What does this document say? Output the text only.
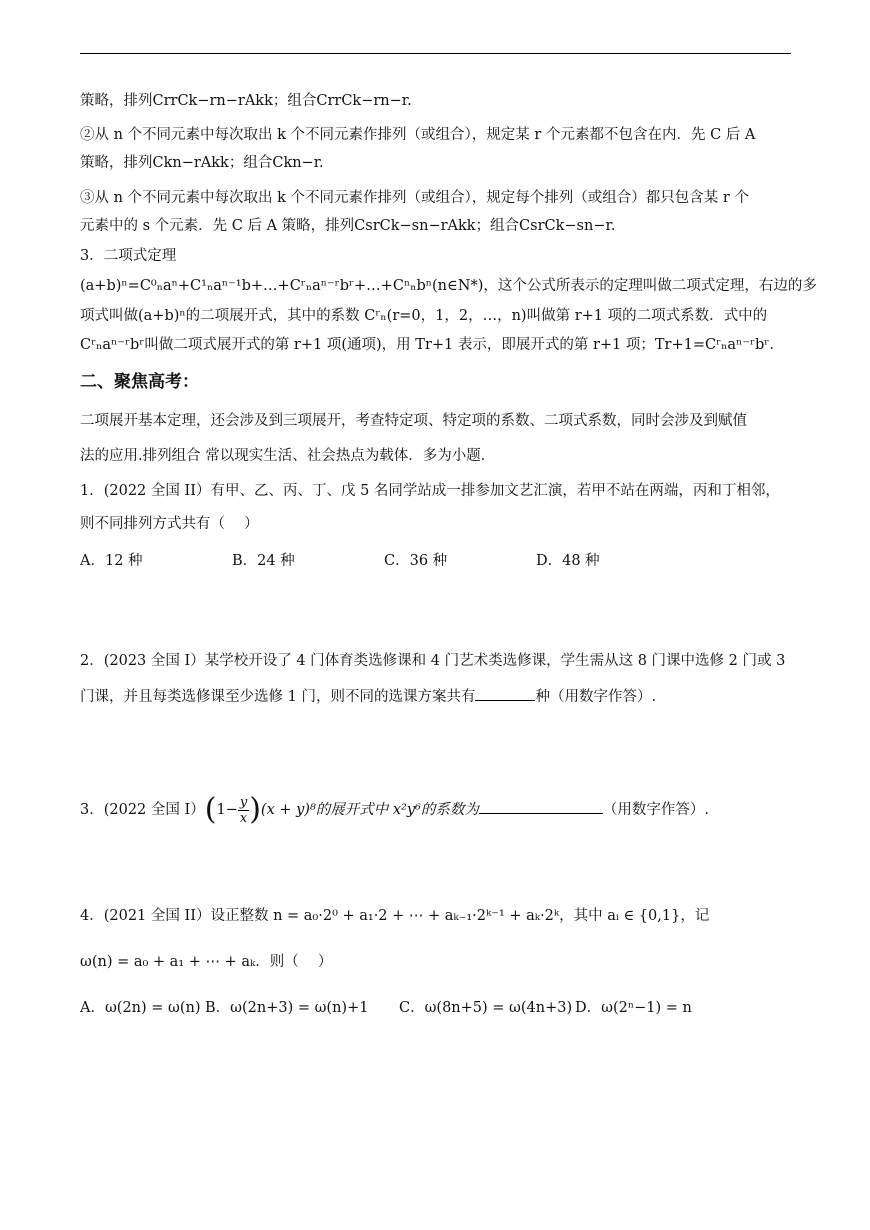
策略，排列CrrCk−rn−rAkk；组合CrrCk−rn−r.
②从 n 个不同元素中每次取出 k 个不同元素作排列（或组合），规定某 r 个元素都不包含在内．先 C 后 A
策略，排列Ckn−rAkk；组合Ckn−r.
③从 n 个不同元素中每次取出 k 个不同元素作排列（或组合），规定每个排列（或组合）都只包含某 r 个
元素中的 s 个元素．先 C 后 A 策略，排列CsrCk−sn−rAkk；组合CsrCk−sn−r.
3．二项式定理
(a+b)ⁿ=C⁰ₙaⁿ+C¹ₙaⁿ⁻¹b+…+Cʳₙaⁿ⁻ʳbʳ+…+Cⁿₙbⁿ(n∈N*)，这个公式所表示的定理叫做二项式定理，右边的多
项式叫做(a+b)ⁿ的二项展开式，其中的系数 Cʳₙ(r=0，1，2，…，n)叫做第 r+1 项的二项式系数．式中的
Cʳₙaⁿ⁻ʳbʳ叫做二项式展开式的第 r+1 项(通项)，用 Tr+1 表示，即展开式的第 r+1 项；Tr+1=Cʳₙaⁿ⁻ʳbʳ.
二、聚焦高考：
二项展开基本定理，还会涉及到三项展开，考查特定项、特定项的系数、二项式系数，同时会涉及到赋值
法的应用.排列组合 常以现实生活、社会热点为载体．多为小题．
1．(2022 全国 II）有甲、乙、丙、丁、戊 5 名同学站成一排参加文艺汇演，若甲不站在两端，丙和丁相邻，
则不同排列方式共有（　 ）
A．12 种	B．24 种	C．36 种	D．48 种
2．(2023 全国 I）某学校开设了 4 门体育类选修课和 4 门艺术类选修课，学生需从这 8 门课中选修 2 门或 3
门课，并且每类选修课至少选修 1 门，则不同的选课方案共有	种（用数字作答）.
3．(2022 全国 $I)(1- \frac{y}{x} )(x + y)^8$的展开式中 x²y⁶的系数为	（用数字作答）.
4．(2021 全国 II）设正整数 n = a₀·2⁰ + a₁·2 + ⋯ + aₖ₋₁·2ᵏ⁻¹ + aₖ·2ᵏ，其中 aᵢ ∈ {0,1}，记
ω(n) = a₀ + a₁ + ⋯ + aₖ．则（　 ）
A．ω(2n) = ω(n) B．ω(2n+3) = ω(n)+1 C．ω(8n+5) = ω(4n+3) D．ω(2ⁿ−1) = n
